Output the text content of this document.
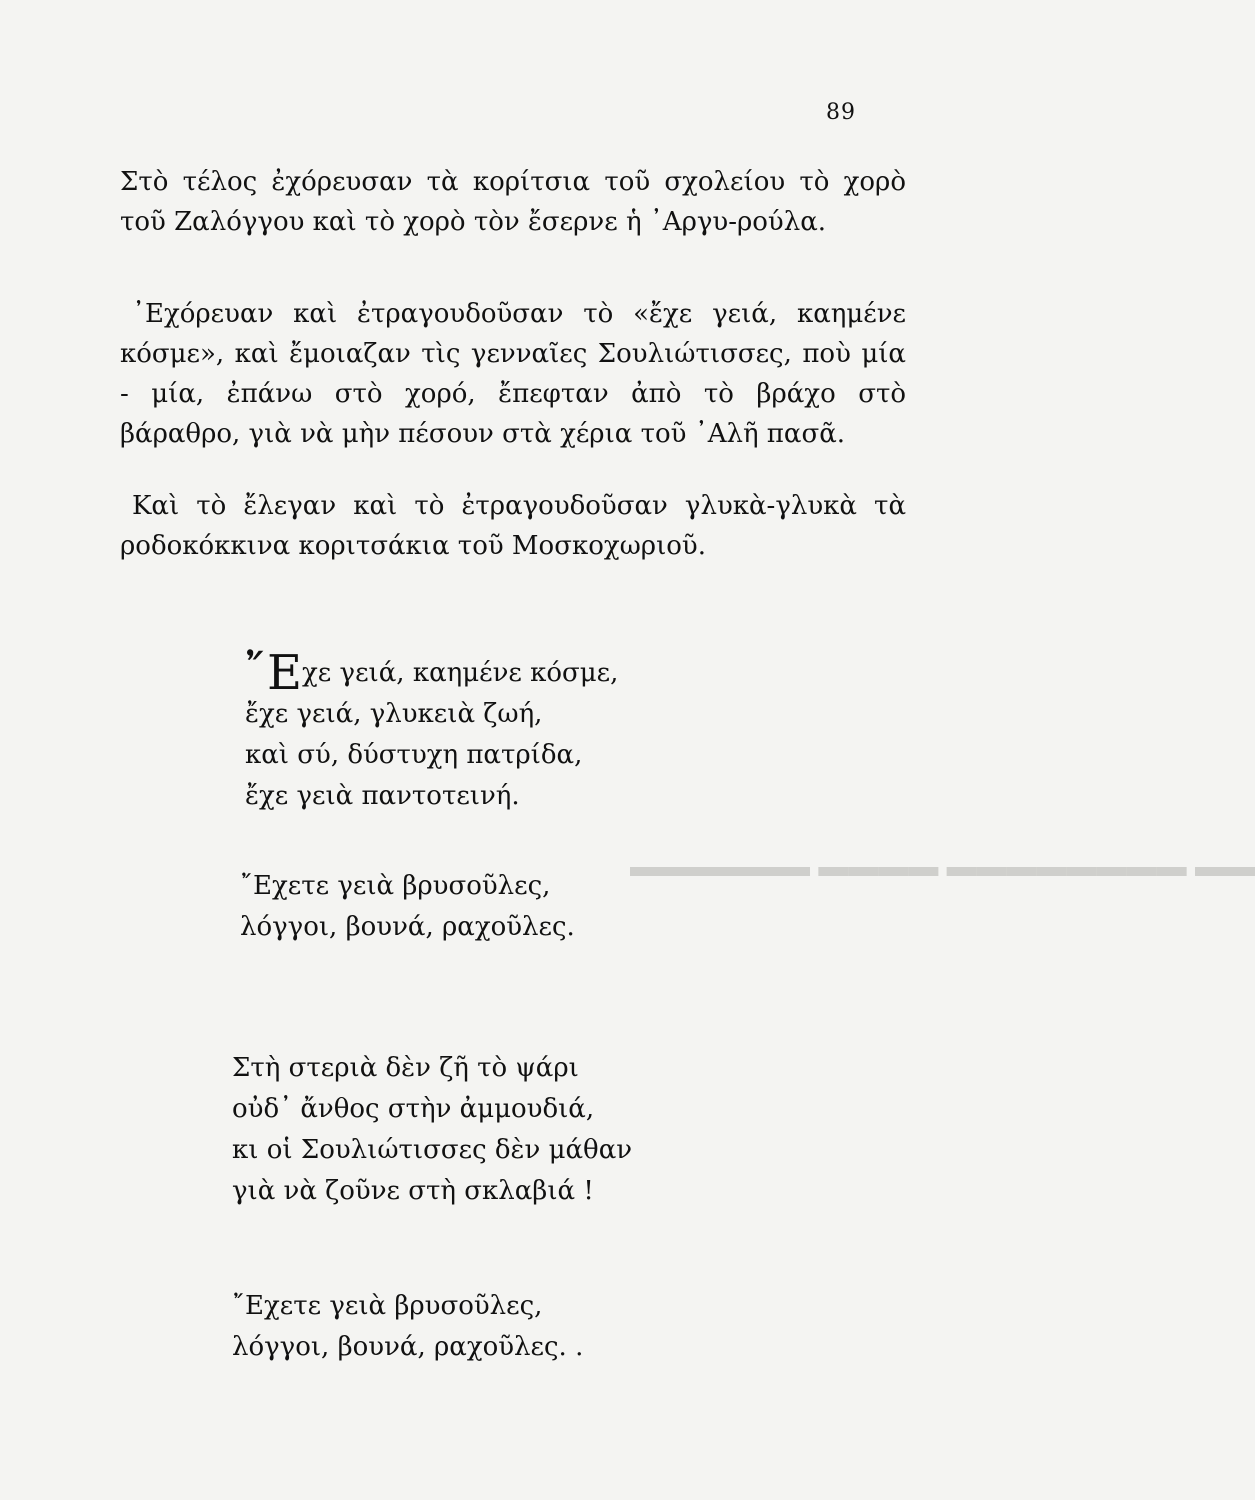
▬▬ ▬▬▬▬▬▬▬▬ ▬▬▬▬ ▬▬▬▬▬▬
89

Στὸ τέλος ἐχόρευσαν τὰ κορίτσια τοῦ σχολείου τὸ χορὸ τοῦ Ζαλόγγου καὶ τὸ χορὸ τὸν ἔσερνε ἡ ᾿Αργυ-ρούλα.

᾿Εχόρευαν καὶ ἐτραγουδοῦσαν τὸ «ἔχε γειά, καημένε κόσμε», καὶ ἔμοιαζαν τὶς γενναῖες Σουλιώτισσες, ποὺ μία - μία, ἐπάνω στὸ χορό, ἔπεφταν ἀπὸ τὸ βράχο στὸ βάραθρο, γιὰ νὰ μὴν πέσουν στὰ χέρια τοῦ ᾿Αλῆ πασᾶ.

Καὶ τὸ ἔλεγαν καὶ τὸ ἐτραγουδοῦσαν γλυκὰ-γλυκὰ τὰ ροδοκόκκινα κοριτσάκια τοῦ Μοσκοχωριοῦ.

῎Εχε γειά, καημένε κόσμε,
ἔχε γειά, γλυκειὰ ζωή,
καὶ σύ, δύστυχη πατρίδα,
ἔχε γειὰ παντοτεινή.
῎Εχετε γειὰ βρυσοῦλες,
λόγγοι, βουνά, ραχοῦλες.
Στὴ στεριὰ δὲν ζῆ τὸ ψάρι
οὐδ᾿ ἄνθος στὴν ἀμμουδιά,
κι οἱ Σουλιώτισσες δὲν μάθαν
γιὰ νὰ ζοῦνε στὴ σκλαβιά !
῎Εχετε γειὰ βρυσοῦλες,
λόγγοι, βουνά, ραχοῦλες. .
